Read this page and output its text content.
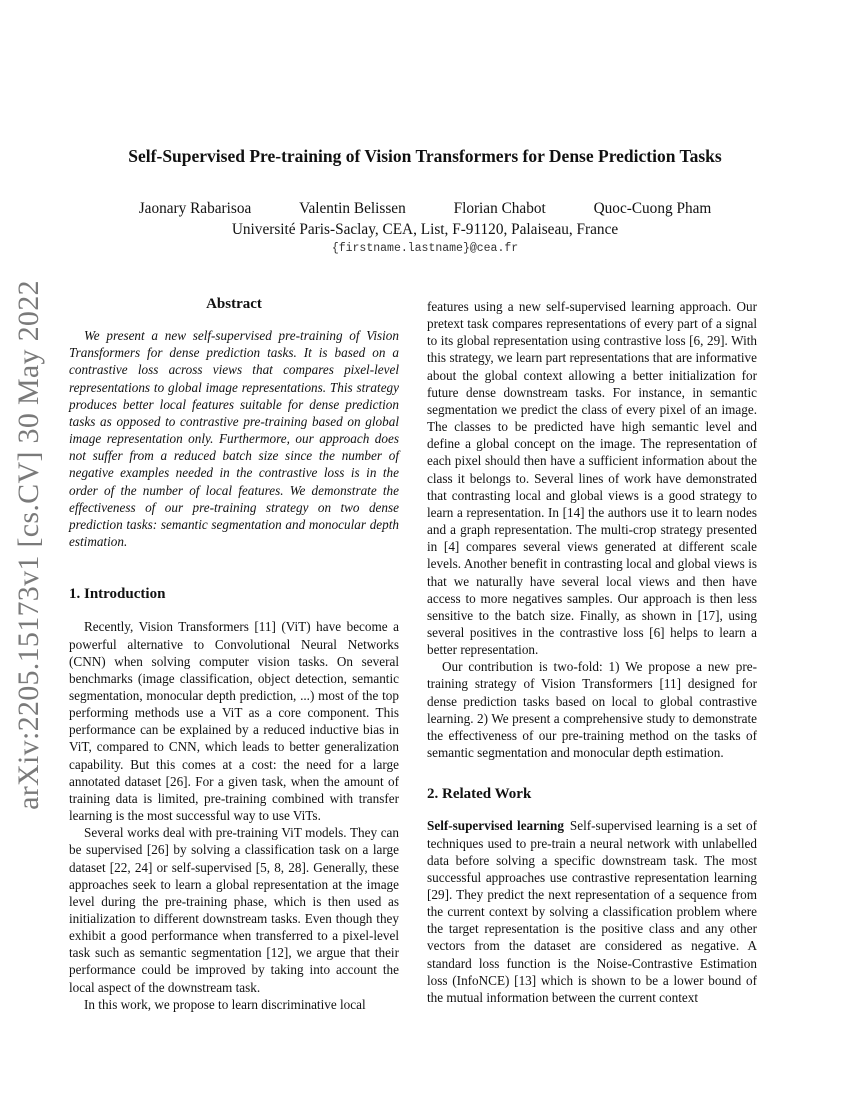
arXiv:2205.15173v1 [cs.CV] 30 May 2022
Self-Supervised Pre-training of Vision Transformers for Dense Prediction Tasks
Jaonary Rabarisoa	Valentin Belissen	Florian Chabot	Quoc-Cuong Pham
Université Paris-Saclay, CEA, List, F-91120, Palaiseau, France
{firstname.lastname}@cea.fr
Abstract

We present a new self-supervised pre-training of Vision Transformers for dense prediction tasks. It is based on a contrastive loss across views that compares pixel-level representations to global image representations. This strategy produces better local features suitable for dense prediction tasks as opposed to contrastive pre-training based on global image representation only. Furthermore, our approach does not suffer from a reduced batch size since the number of negative examples needed in the contrastive loss is in the order of the number of local features. We demonstrate the effectiveness of our pre-training strategy on two dense prediction tasks: semantic segmentation and monocular depth estimation.

1. Introduction

Recently, Vision Transformers [11] (ViT) have become a powerful alternative to Convolutional Neural Networks (CNN) when solving computer vision tasks. On several benchmarks (image classification, object detection, semantic segmentation, monocular depth prediction, ...) most of the top performing methods use a ViT as a core component. This performance can be explained by a reduced inductive bias in ViT, compared to CNN, which leads to better generalization capability. But this comes at a cost: the need for a large annotated dataset [26]. For a given task, when the amount of training data is limited, pre-training combined with transfer learning is the most successful way to use ViTs.

Several works deal with pre-training ViT models. They can be supervised [26] by solving a classification task on a large dataset [22, 24] or self-supervised [5, 8, 28]. Generally, these approaches seek to learn a global representation at the image level during the pre-training phase, which is then used as initialization to different downstream tasks. Even though they exhibit a good performance when transferred to a pixel-level task such as semantic segmentation [12], we argue that their performance could be improved by taking into account the local aspect of the downstream task.

In this work, we propose to learn discriminative local

features using a new self-supervised learning approach. Our pretext task compares representations of every part of a signal to its global representation using contrastive loss [6, 29]. With this strategy, we learn part representations that are informative about the global context allowing a better initialization for future dense downstream tasks. For instance, in semantic segmentation we predict the class of every pixel of an image. The classes to be predicted have high semantic level and define a global concept on the image. The representation of each pixel should then have a sufficient information about the class it belongs to. Several lines of work have demonstrated that contrasting local and global views is a good strategy to learn a representation. In [14] the authors use it to learn nodes and a graph representation. The multi-crop strategy presented in [4] compares several views generated at different scale levels. Another benefit in contrasting local and global views is that we naturally have several local views and then have access to more negatives samples. Our approach is then less sensitive to the batch size. Finally, as shown in [17], using several positives in the contrastive loss [6] helps to learn a better representation.

Our contribution is two-fold: 1) We propose a new pre-training strategy of Vision Transformers [11] designed for dense prediction tasks based on local to global contrastive learning. 2) We present a comprehensive study to demonstrate the effectiveness of our pre-training method on the tasks of semantic segmentation and monocular depth estimation.

2. Related Work

Self-supervised learning Self-supervised learning is a set of techniques used to pre-train a neural network with unlabelled data before solving a specific downstream task. The most successful approaches use contrastive representation learning [29]. They predict the next representation of a sequence from the current context by solving a classification problem where the target representation is the positive class and any other vectors from the dataset are considered as negative. A standard loss function is the Noise-Contrastive Estimation loss (InfoNCE) [13] which is shown to be a lower bound of the mutual information between the current context
